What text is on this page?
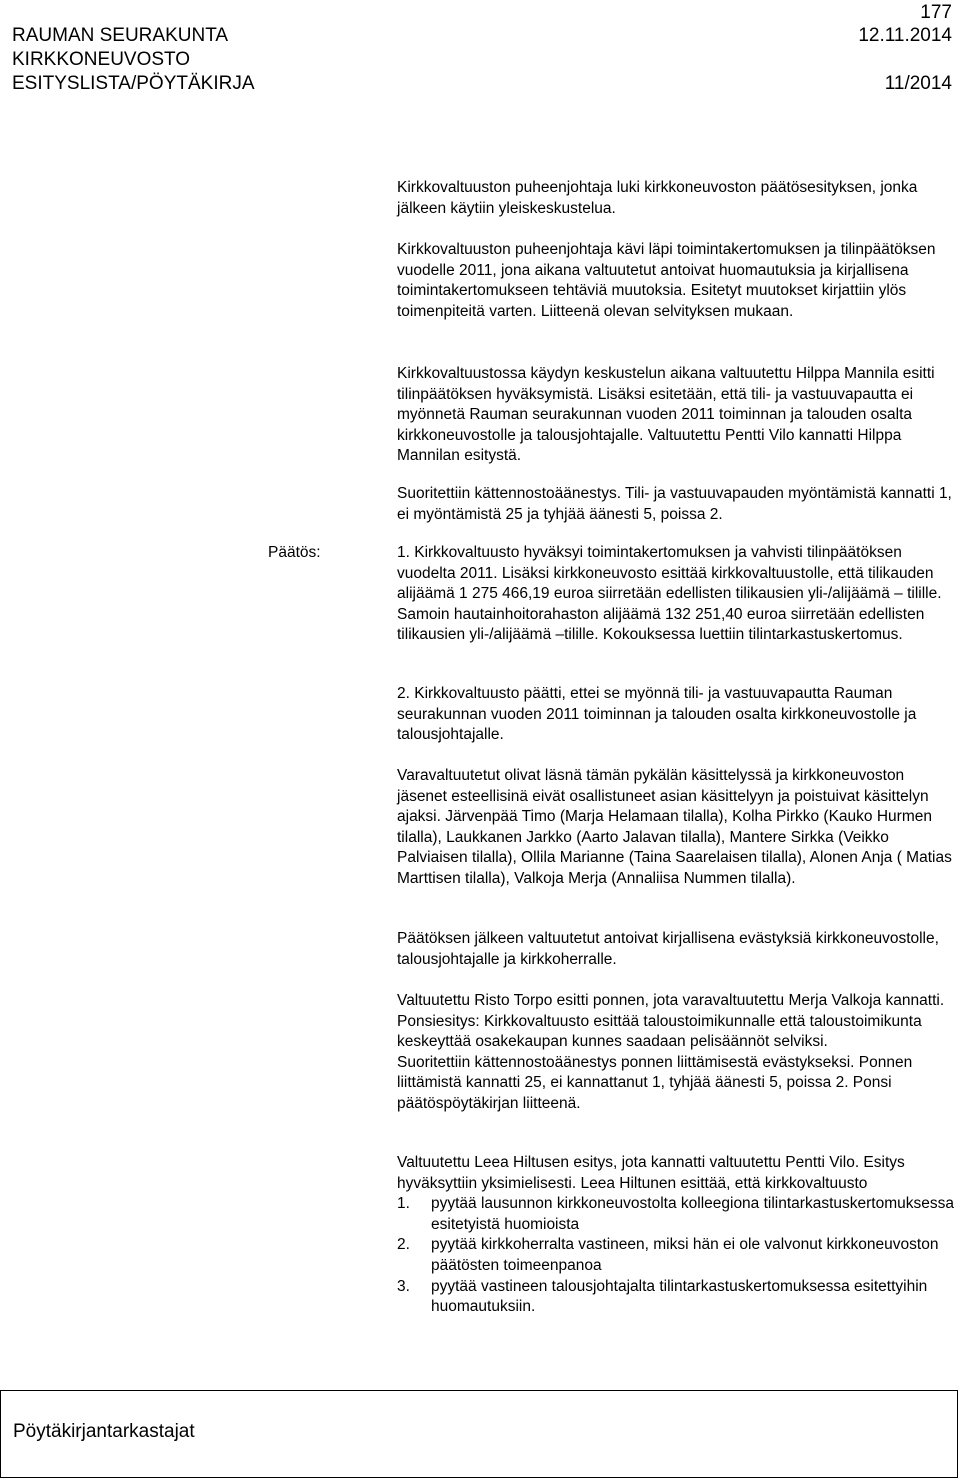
177
RAUMAN SEURAKUNTA	12.11.2014
KIRKKONEUVOSTO
ESITYSLISTA/PÖYTÄKIRJA	11/2014

Kirkkovaltuuston puheenjohtaja luki kirkkoneuvoston päätösesityksen, jonka jälkeen käytiin yleiskeskustelua.

Kirkkovaltuuston puheenjohtaja kävi läpi toimintakertomuksen ja tilinpäätöksen vuodelle 2011, jona aikana valtuutetut antoivat huomautuksia ja kirjallisena toimintakertomukseen tehtäviä muutoksia. Esitetyt muutokset kirjattiin ylös toimenpiteitä varten. Liitteenä olevan selvityksen mukaan.

Kirkkovaltuustossa käydyn keskustelun aikana valtuutettu Hilppa Mannila esitti tilinpäätöksen hyväksymistä. Lisäksi esitetään, että tili- ja vastuuvapautta ei myönnetä Rauman seurakunnan vuoden 2011 toiminnan ja talouden osalta kirkkoneuvostolle ja talousjohtajalle. Valtuutettu Pentti Vilo kannatti Hilppa Mannilan esitystä.

Suoritettiin kättennostoäänestys. Tili- ja vastuuvapauden myöntämistä kannatti 1, ei myöntämistä 25 ja tyhjää äänesti 5, poissa 2.

Päätös:	1. Kirkkovaltuusto hyväksyi toimintakertomuksen ja vahvisti tilinpäätöksen vuodelta 2011. Lisäksi kirkkoneuvosto esittää kirkkovaltuustolle, että tilikauden alijäämä 1 275 466,19 euroa siirretään edellisten tilikausien yli-/alijäämä – tilille. Samoin hautainhoitorahaston alijäämä 132 251,40 euroa siirretään edellisten tilikausien yli-/alijäämä –tilille. Kokouksessa luettiin tilintarkastuskertomus.

2. Kirkkovaltuusto päätti, ettei se myönnä tili- ja vastuuvapautta Rauman seurakunnan vuoden 2011 toiminnan ja talouden osalta kirkkoneuvostolle ja talousjohtajalle.

Varavaltuutetut olivat läsnä tämän pykälän käsittelyssä ja kirkkoneuvoston jäsenet esteellisinä eivät osallistuneet asian käsittelyyn ja poistuivat käsittelyn ajaksi. Järvenpää Timo (Marja Helamaan tilalla), Kolha Pirkko (Kauko Hurmen tilalla), Laukkanen Jarkko (Aarto Jalavan tilalla), Mantere Sirkka (Veikko Palviaisen tilalla), Ollila Marianne (Taina Saarelaisen tilalla), Alonen Anja ( Matias Marttisen tilalla), Valkoja Merja (Annaliisa Nummen tilalla).

Päätöksen jälkeen valtuutetut antoivat kirjallisena evästyksiä kirkkoneuvostolle, talousjohtajalle ja kirkkoherralle.

Valtuutettu Risto Torpo esitti ponnen, jota varavaltuutettu Merja Valkoja kannatti. Ponsiesitys: Kirkkovaltuusto esittää taloustoimikunnalle että taloustoimikunta keskeyttää osakekaupan kunnes saadaan pelisäännöt selviksi.

Suoritettiin kättennostoäänestys ponnen liittämisestä evästykseksi. Ponnen liittämistä kannatti 25, ei kannattanut 1, tyhjää äänesti 5, poissa 2. Ponsi päätöspöytäkirjan liitteenä.

Valtuutettu Leea Hiltusen esitys, jota kannatti valtuutettu Pentti Vilo. Esitys hyväksyttiin yksimielisesti. Leea Hiltunen esittää, että kirkkovaltuusto

1. pyytää lausunnon kirkkoneuvostolta kolleegiona tilintarkastuskertomuksessa esitetyistä huomioista
2. pyytää kirkkoherralta vastineen, miksi hän ei ole valvonut kirkkoneuvoston päätösten toimeenpanoa
3. pyytää vastineen talousjohtajalta tilintarkastuskertomuksessa esitettyihin huomautuksiin.
Pöytäkirjantarkastajat
